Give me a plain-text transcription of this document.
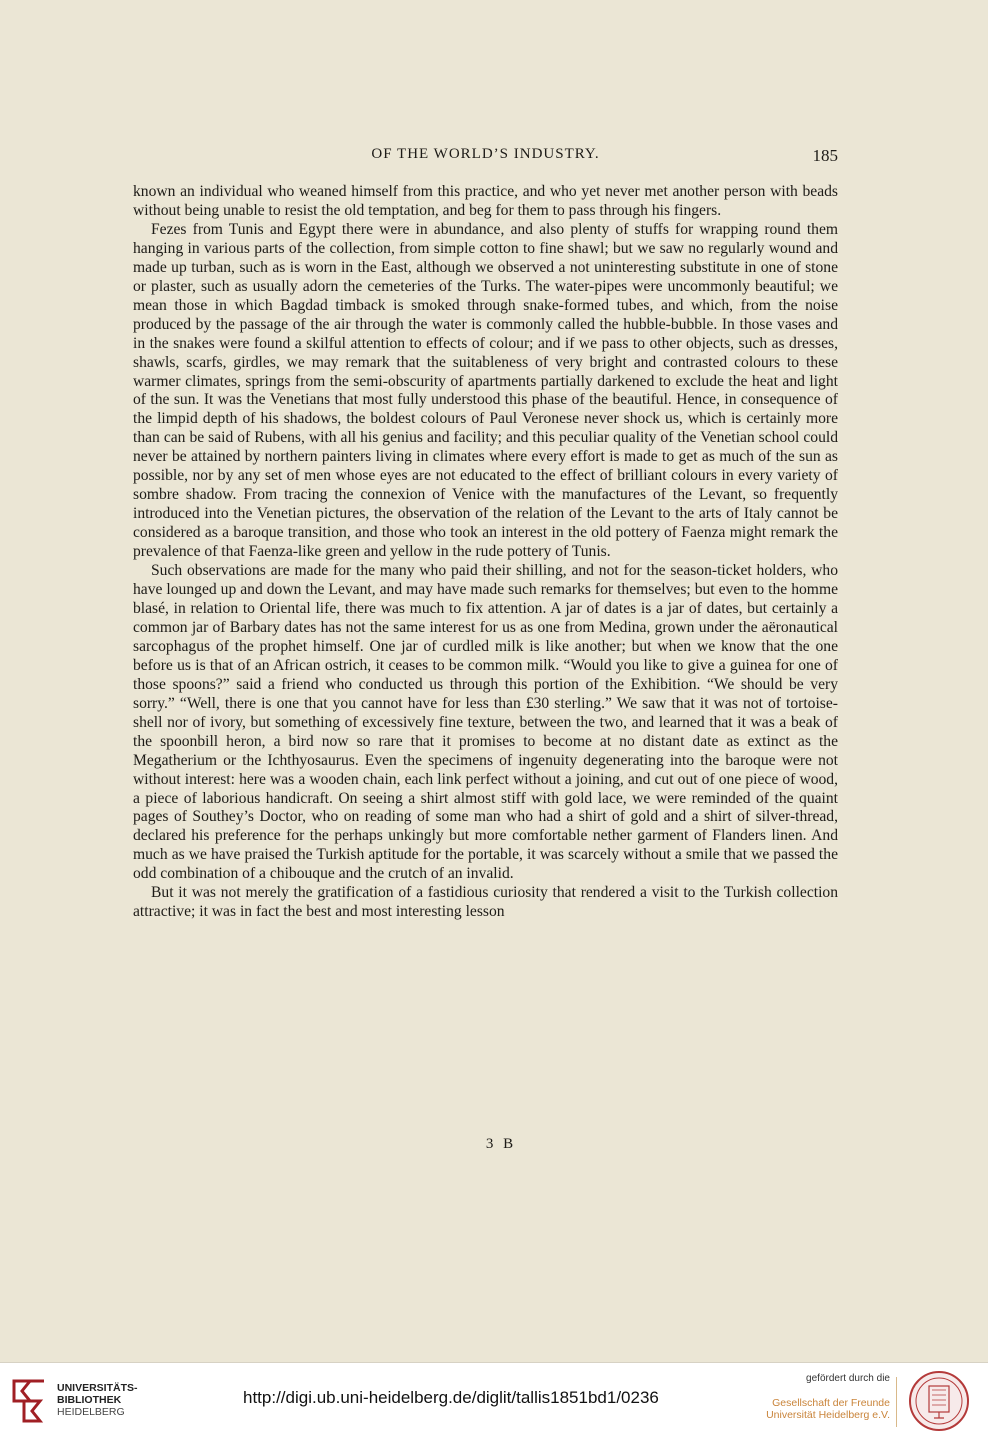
OF THE WORLD’S INDUSTRY.	185

known an individual who weaned himself from this practice, and who yet never met another person with beads without being unable to resist the old temptation, and beg for them to pass through his fingers.

Fezes from Tunis and Egypt there were in abundance, and also plenty of stuffs for wrapping round them hanging in various parts of the collection, from simple cotton to fine shawl; but we saw no regularly wound and made up turban, such as is worn in the East, although we observed a not uninteresting substitute in one of stone or plaster, such as usually adorn the cemeteries of the Turks. The water-pipes were uncommonly beautiful; we mean those in which Bagdad timback is smoked through snake-formed tubes, and which, from the noise produced by the passage of the air through the water is commonly called the hubble-bubble. In those vases and in the snakes were found a skilful attention to effects of colour; and if we pass to other objects, such as dresses, shawls, scarfs, girdles, we may remark that the suitableness of very bright and contrasted colours to these warmer climates, springs from the semi-obscurity of apartments partially darkened to exclude the heat and light of the sun. It was the Venetians that most fully understood this phase of the beautiful. Hence, in consequence of the limpid depth of his shadows, the boldest colours of Paul Veronese never shock us, which is certainly more than can be said of Rubens, with all his genius and facility; and this peculiar quality of the Venetian school could never be attained by northern painters living in climates where every effort is made to get as much of the sun as possible, nor by any set of men whose eyes are not educated to the effect of brilliant colours in every variety of sombre shadow. From tracing the connexion of Venice with the manufactures of the Levant, so frequently introduced into the Venetian pictures, the observation of the relation of the Levant to the arts of Italy cannot be considered as a baroque transition, and those who took an interest in the old pottery of Faenza might remark the prevalence of that Faenza-like green and yellow in the rude pottery of Tunis.

Such observations are made for the many who paid their shilling, and not for the season-ticket holders, who have lounged up and down the Levant, and may have made such remarks for themselves; but even to the homme blasé, in relation to Oriental life, there was much to fix attention. A jar of dates is a jar of dates, but certainly a common jar of Barbary dates has not the same interest for us as one from Medina, grown under the aëronautical sarcophagus of the prophet himself. One jar of curdled milk is like another; but when we know that the one before us is that of an African ostrich, it ceases to be common milk. “Would you like to give a guinea for one of those spoons?” said a friend who conducted us through this portion of the Exhibition. “We should be very sorry.” “Well, there is one that you cannot have for less than £30 sterling.” We saw that it was not of tortoise-shell nor of ivory, but something of excessively fine texture, between the two, and learned that it was a beak of the spoonbill heron, a bird now so rare that it promises to become at no distant date as extinct as the Megatherium or the Ichthyosaurus. Even the specimens of ingenuity degenerating into the baroque were not without interest: here was a wooden chain, each link perfect without a joining, and cut out of one piece of wood, a piece of laborious handicraft. On seeing a shirt almost stiff with gold lace, we were reminded of the quaint pages of Southey’s Doctor, who on reading of some man who had a shirt of gold and a shirt of silver-thread, declared his preference for the perhaps unkingly but more comfortable nether garment of Flanders linen. And much as we have praised the Turkish aptitude for the portable, it was scarcely without a smile that we passed the odd combination of a chibouque and the crutch of an invalid.

But it was not merely the gratification of a fastidious curiosity that rendered a visit to the Turkish collection attractive; it was in fact the best and most interesting lesson

3 B
UNIVERSITÄTS-
BIBLIOTHEK
HEIDELBERG
http://digi.ub.uni-heidelberg.de/diglit/tallis1851bd1/0236
gefördert durch die
Gesellschaft der Freunde
Universität Heidelberg e.V.
